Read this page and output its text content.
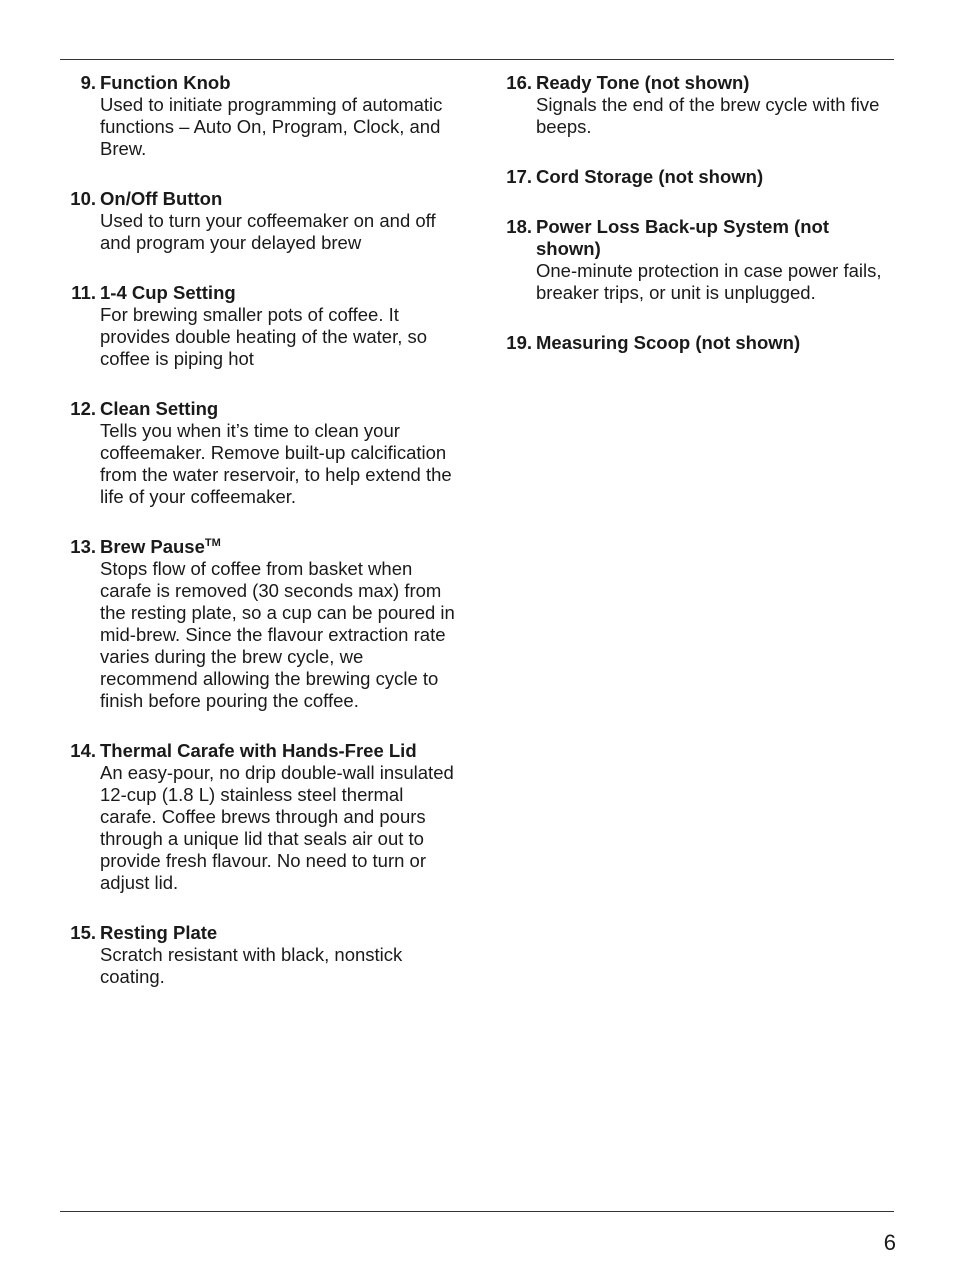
9. Function Knob
Used to initiate programming of automatic functions – Auto On, Program, Clock, and Brew.
10. On/Off Button
Used to turn your coffeemaker on and off and program your delayed brew
11. 1-4 Cup Setting
For brewing smaller pots of coffee. It provides double heating of the water, so coffee is piping hot
12. Clean Setting
Tells you when it’s time to clean your coffeemaker. Remove built-up calcification from the water reservoir, to help extend the life of your coffeemaker.
13. Brew Pause™
Stops flow of coffee from basket when carafe is removed (30 seconds max) from the resting plate, so a cup can be poured in mid-brew. Since the flavour extraction rate varies during the brew cycle, we recommend allowing the brewing cycle to finish before pouring the coffee.
14. Thermal Carafe with Hands-Free Lid
An easy-pour, no drip double-wall insulated 12-cup (1.8 L) stainless steel thermal carafe. Coffee brews through and pours through a unique lid that seals air out to provide fresh flavour. No need to turn or adjust lid.
15. Resting Plate
Scratch resistant with black, nonstick coating.
16. Ready Tone (not shown)
Signals the end of the brew cycle with five beeps.
17. Cord Storage (not shown)
18. Power Loss Back-up System (not shown)
One-minute protection in case power fails, breaker trips, or unit is unplugged.
19. Measuring Scoop (not shown)
6
